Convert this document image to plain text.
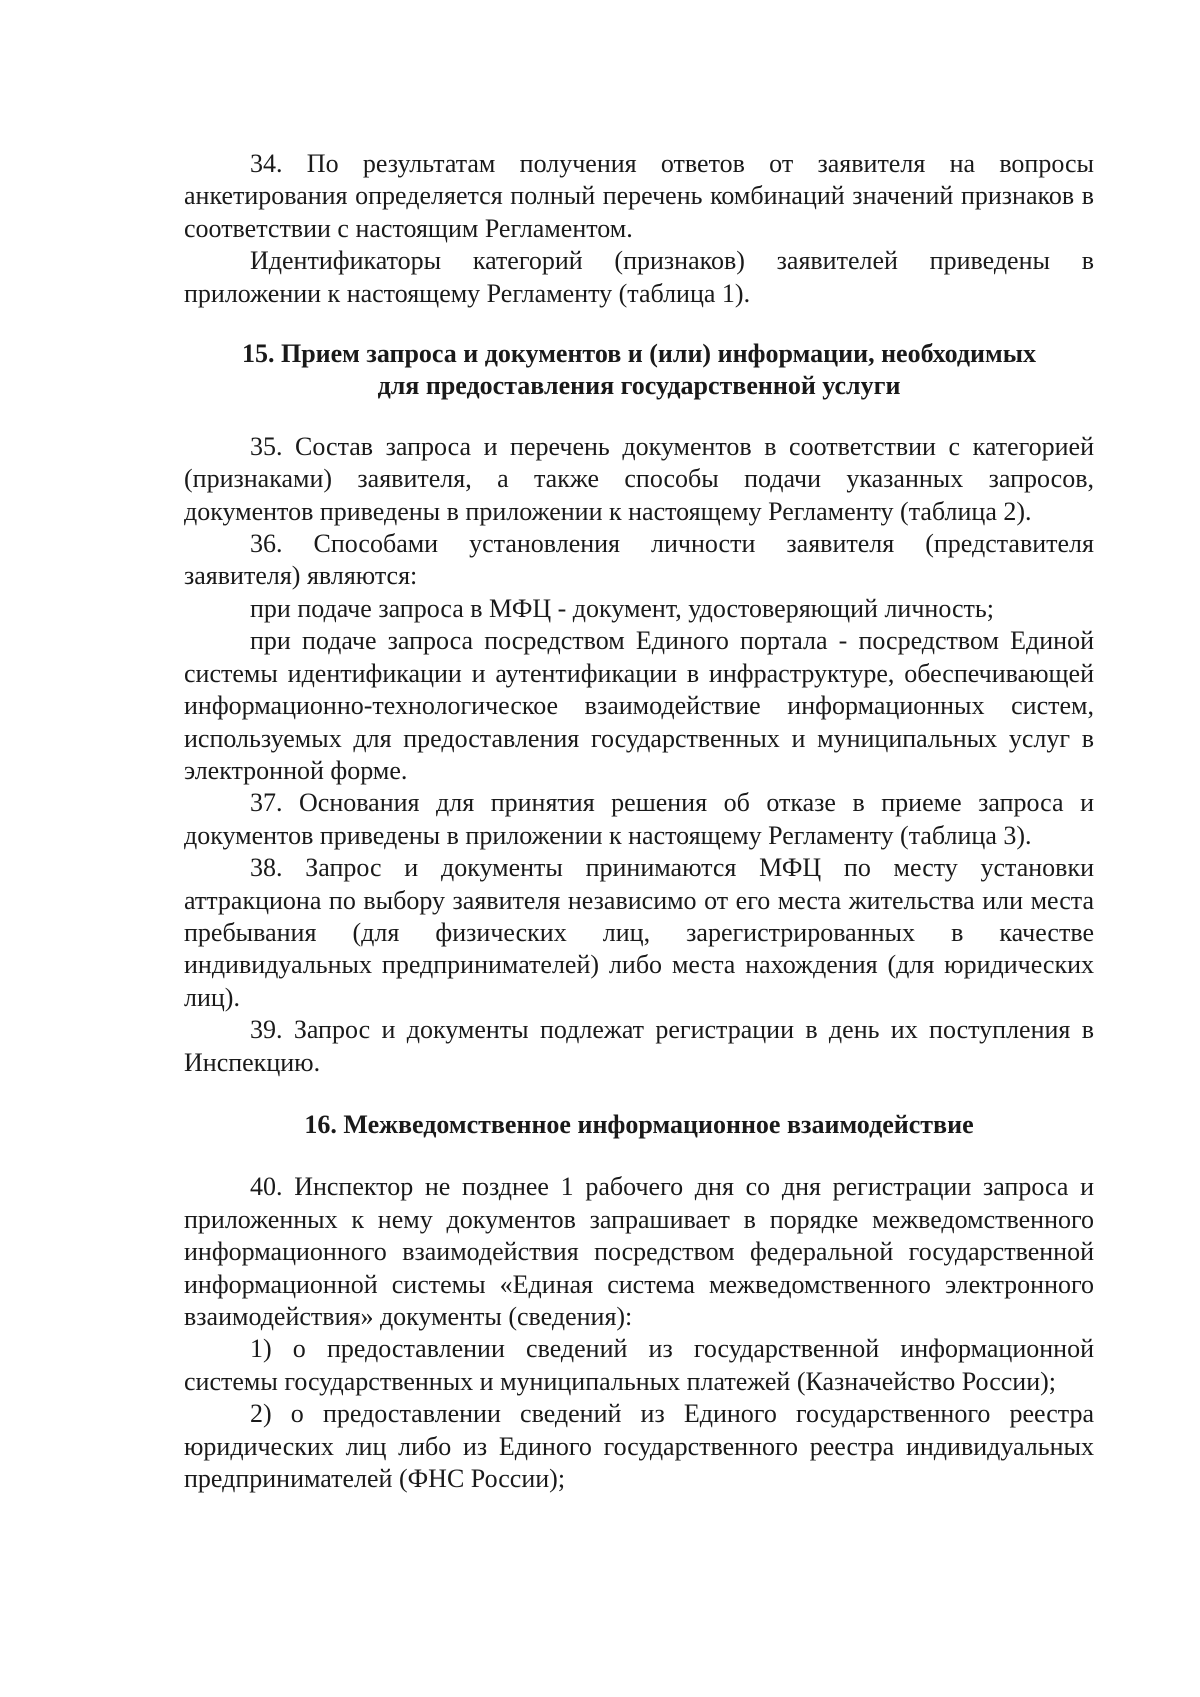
34. По результатам получения ответов от заявителя на вопросы анкетирования определяется полный перечень комбинаций значений признаков в соответствии с настоящим Регламентом.

Идентификаторы категорий (признаков) заявителей приведены в приложении к настоящему Регламенту (таблица 1).

15. Прием запроса и документов и (или) информации, необходимых
для предоставления государственной услуги

35. Состав запроса и перечень документов в соответствии с категорией (признаками) заявителя, а также способы подачи указанных запросов, документов приведены в приложении к настоящему Регламенту (таблица 2).

36. Способами установления личности заявителя (представителя заявителя) являются:

при подаче запроса в МФЦ - документ, удостоверяющий личность;

при подаче запроса посредством Единого портала - посредством Единой системы идентификации и аутентификации в инфраструктуре, обеспечивающей информационно-технологическое взаимодействие информационных систем, используемых для предоставления государственных и муниципальных услуг в электронной форме.

37. Основания для принятия решения об отказе в приеме запроса и документов приведены в приложении к настоящему Регламенту (таблица 3).

38. Запрос и документы принимаются МФЦ по месту установки аттракциона по выбору заявителя независимо от его места жительства или места пребывания (для физических лиц, зарегистрированных в качестве индивидуальных предпринимателей) либо места нахождения (для юридических лиц).

39. Запрос и документы подлежат регистрации в день их поступления в Инспекцию.

16. Межведомственное информационное взаимодействие

40. Инспектор не позднее 1 рабочего дня со дня регистрации запроса и приложенных к нему документов запрашивает в порядке межведомственного информационного взаимодействия посредством федеральной государственной информационной системы «Единая система межведомственного электронного взаимодействия» документы (сведения):

1) о предоставлении сведений из государственной информационной системы государственных и муниципальных платежей (Казначейство России);

2) о предоставлении сведений из Единого государственного реестра юридических лиц либо из Единого государственного реестра индивидуальных предпринимателей (ФНС России);
